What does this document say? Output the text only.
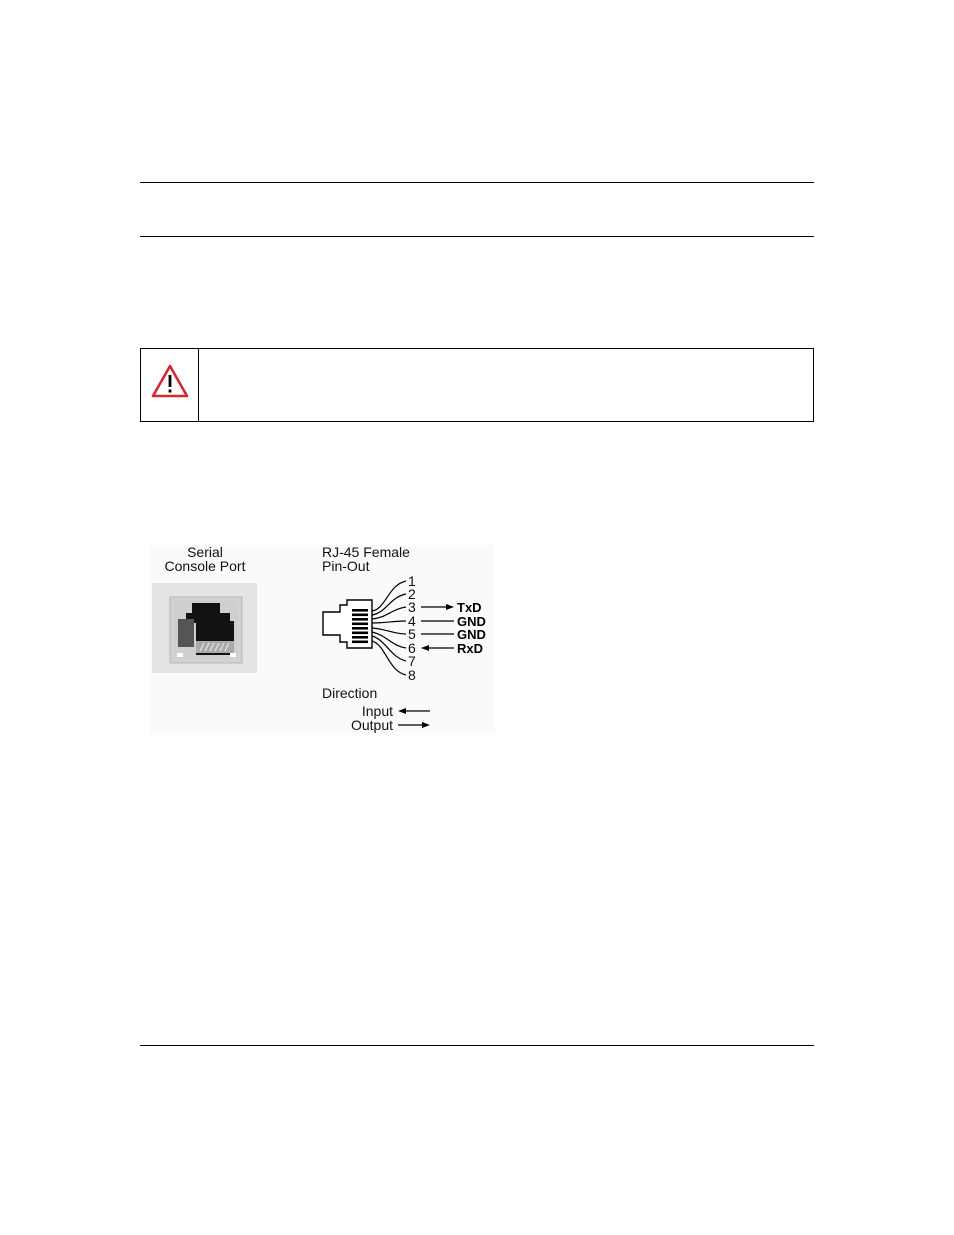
Serial
Console Port
RJ-45 Female
Pin-Out
1
2
3
4
5
6
7
8
TxD
GND
GND
RxD
Direction
Input
Output
